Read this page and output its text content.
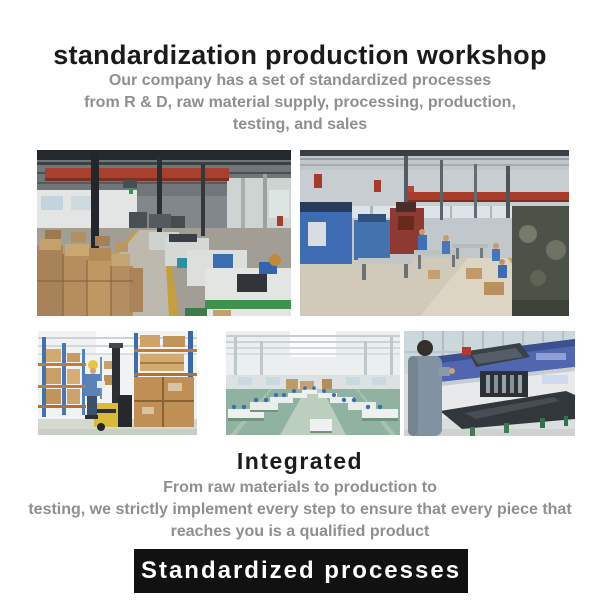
standardization production workshop
Our company has a set of standardized processes
from R & D, raw material supply, processing, production,
testing, and sales
Integrated
From raw materials to production to
testing, we strictly implement every step to ensure that every piece that
reaches you is a qualified product
Standardized processes
